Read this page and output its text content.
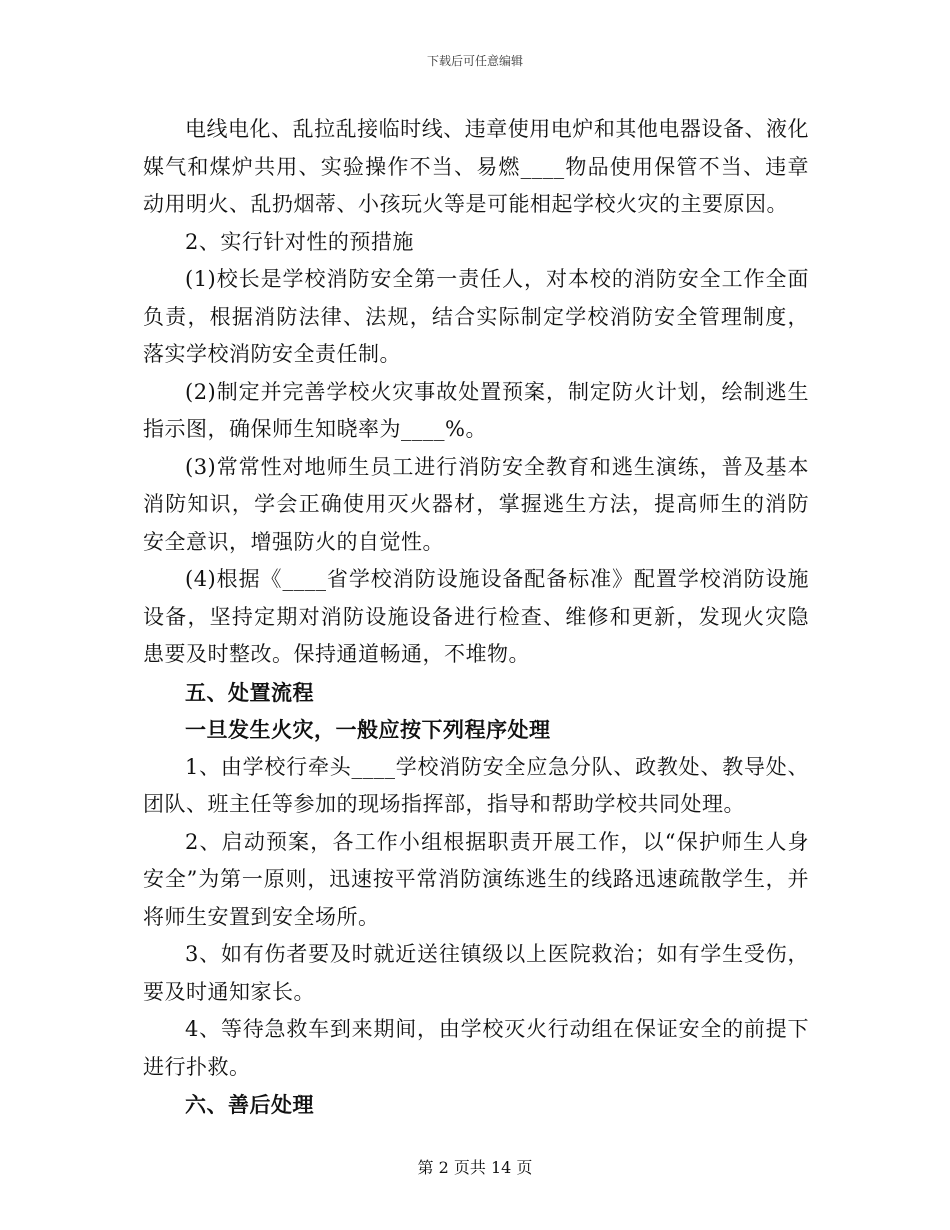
下载后可任意编辑

电线电化、乱拉乱接临时线、违章使用电炉和其他电器设备、液化媒气和煤炉共用、实验操作不当、易燃____物品使用保管不当、违章动用明火、乱扔烟蒂、小孩玩火等是可能相起学校火灾的主要原因。

2、实行针对性的预措施

(1)校长是学校消防安全第一责任人，对本校的消防安全工作全面负责，根据消防法律、法规，结合实际制定学校消防安全管理制度，落实学校消防安全责任制。

(2)制定并完善学校火灾事故处置预案，制定防火计划，绘制逃生指示图，确保师生知晓率为____%。

(3)常常性对地师生员工进行消防安全教育和逃生演练，普及基本消防知识，学会正确使用灭火器材，掌握逃生方法，提高师生的消防安全意识，增强防火的自觉性。

(4)根据《____省学校消防设施设备配备标准》配置学校消防设施设备，坚持定期对消防设施设备进行检查、维修和更新，发现火灾隐患要及时整改。保持通道畅通，不堆物。

五、处置流程

一旦发生火灾，一般应按下列程序处理

1、由学校行牵头____学校消防安全应急分队、政教处、教导处、团队、班主任等参加的现场指挥部，指导和帮助学校共同处理。

2、启动预案，各工作小组根据职责开展工作，以“保护师生人身安全”为第一原则，迅速按平常消防演练逃生的线路迅速疏散学生，并将师生安置到安全场所。

3、如有伤者要及时就近送往镇级以上医院救治；如有学生受伤，要及时通知家长。

4、等待急救车到来期间，由学校灭火行动组在保证安全的前提下进行扑救。

六、善后处理

第 2 页共 14 页
